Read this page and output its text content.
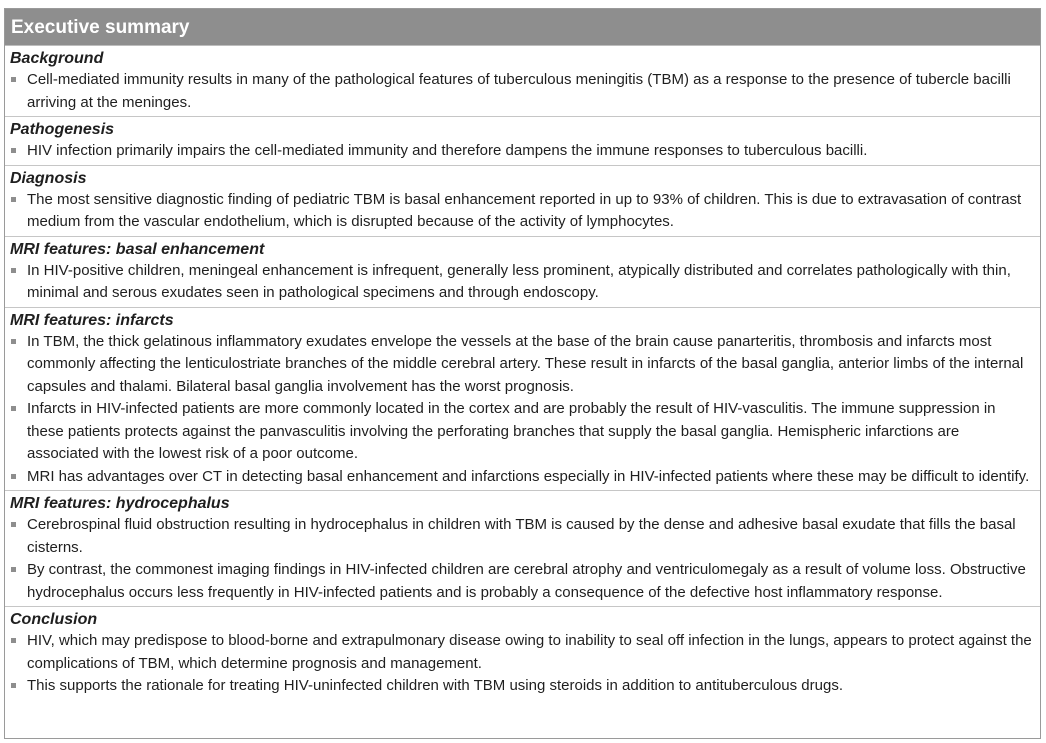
Executive summary
Background
Cell-mediated immunity results in many of the pathological features of tuberculous meningitis (TBM) as a response to the presence of tubercle bacilli arriving at the meninges.
Pathogenesis
HIV infection primarily impairs the cell-mediated immunity and therefore dampens the immune responses to tuberculous bacilli.
Diagnosis
The most sensitive diagnostic finding of pediatric TBM is basal enhancement reported in up to 93% of children. This is due to extravasation of contrast medium from the vascular endothelium, which is disrupted because of the activity of lymphocytes.
MRI features: basal enhancement
In HIV-positive children, meningeal enhancement is infrequent, generally less prominent, atypically distributed and correlates pathologically with thin, minimal and serous exudates seen in pathological specimens and through endoscopy.
MRI features: infarcts
In TBM, the thick gelatinous inflammatory exudates envelope the vessels at the base of the brain cause panarteritis, thrombosis and infarcts most commonly affecting the lenticulostriate branches of the middle cerebral artery. These result in infarcts of the basal ganglia, anterior limbs of the internal capsules and thalami. Bilateral basal ganglia involvement has the worst prognosis.
Infarcts in HIV-infected patients are more commonly located in the cortex and are probably the result of HIV-vasculitis. The immune suppression in these patients protects against the panvasculitis involving the perforating branches that supply the basal ganglia. Hemispheric infarctions are associated with the lowest risk of a poor outcome.
MRI has advantages over CT in detecting basal enhancement and infarctions especially in HIV-infected patients where these may be difficult to identify.
MRI features: hydrocephalus
Cerebrospinal fluid obstruction resulting in hydrocephalus in children with TBM is caused by the dense and adhesive basal exudate that fills the basal cisterns.
By contrast, the commonest imaging findings in HIV-infected children are cerebral atrophy and ventriculomegaly as a result of volume loss. Obstructive hydrocephalus occurs less frequently in HIV-infected patients and is probably a consequence of the defective host inflammatory response.
Conclusion
HIV, which may predispose to blood-borne and extrapulmonary disease owing to inability to seal off infection in the lungs, appears to protect against the complications of TBM, which determine prognosis and management.
This supports the rationale for treating HIV-uninfected children with TBM using steroids in addition to antituberculous drugs.
